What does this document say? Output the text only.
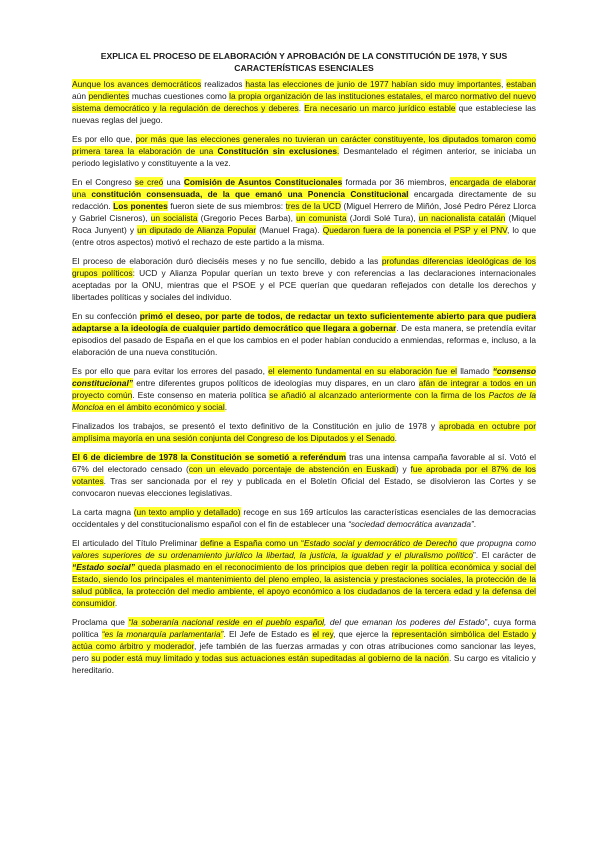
EXPLICA EL PROCESO DE ELABORACIÓN Y APROBACIÓN DE LA CONSTITUCIÓN DE 1978, Y SUS CARACTERÍSTICAS ESENCIALES

Aunque los avances democráticos realizados hasta las elecciones de junio de 1977 habían sido muy importantes, estaban aún pendientes muchas cuestiones como la propia organización de las instituciones estatales, el marco normativo del nuevo sistema democrático y la regulación de derechos y deberes. Era necesario un marco jurídico estable que estableciese las nuevas reglas del juego.

Es por ello que, por más que las elecciones generales no tuvieran un carácter constituyente, los diputados tomaron como primera tarea la elaboración de una Constitución sin exclusiones. Desmantelado el régimen anterior, se iniciaba un periodo legislativo y constituyente a la vez.

En el Congreso se creó una Comisión de Asuntos Constitucionales formada por 36 miembros, encargada de elaborar una constitución consensuada, de la que emanó una Ponencia Constitucional encargada directamente de su redacción. Los ponentes fueron siete de sus miembros: tres de la UCD (Miguel Herrero de Miñón, José Pedro Pérez Llorca y Gabriel Cisneros), un socialista (Gregorio Peces Barba), un comunista (Jordi Solé Tura), un nacionalista catalán (Miquel Roca Junyent) y un diputado de Alianza Popular (Manuel Fraga). Quedaron fuera de la ponencia el PSP y el PNV, lo que (entre otros aspectos) motivó el rechazo de este partido a la misma.

El proceso de elaboración duró dieciséis meses y no fue sencillo, debido a las profundas diferencias ideológicas de los grupos políticos: UCD y Alianza Popular querían un texto breve y con referencias a las declaraciones internacionales aceptadas por la ONU, mientras que el PSOE y el PCE querían que quedaran reflejados con detalle los derechos y libertades políticas y sociales del individuo.

En su confección primó el deseo, por parte de todos, de redactar un texto suficientemente abierto para que pudiera adaptarse a la ideología de cualquier partido democrático que llegara a gobernar. De esta manera, se pretendía evitar episodios del pasado de España en el que los cambios en el poder habían conducido a enmiendas, reformas e, incluso, a la elaboración de una nueva constitución.

Es por ello que para evitar los errores del pasado, el elemento fundamental en su elaboración fue el llamado “consenso constitucional” entre diferentes grupos políticos de ideologías muy dispares, en un claro afán de integrar a todos en un proyecto común. Este consenso en materia política se añadió al alcanzado anteriormente con la firma de los Pactos de la Moncloa en el ámbito económico y social.

Finalizados los trabajos, se presentó el texto definitivo de la Constitución en julio de 1978 y aprobada en octubre por amplísima mayoría en una sesión conjunta del Congreso de los Diputados y el Senado.

El 6 de diciembre de 1978 la Constitución se sometió a referéndum tras una intensa campaña favorable al sí. Votó el 67% del electorado censado (con un elevado porcentaje de abstención en Euskadi) y fue aprobada por el 87% de los votantes. Tras ser sancionada por el rey y publicada en el Boletín Oficial del Estado, se disolvieron las Cortes y se convocaron nuevas elecciones legislativas.

La carta magna (un texto amplio y detallado) recoge en sus 169 artículos las características esenciales de las democracias occidentales y del constitucionalismo español con el fin de establecer una “sociedad democrática avanzada”.

El articulado del Título Preliminar define a España como un “Estado social y democrático de Derecho que propugna como valores superiores de su ordenamiento jurídico la libertad, la justicia, la igualdad y el pluralismo político”. El carácter de “Estado social” queda plasmado en el reconocimiento de los principios que deben regir la política económica y social del Estado, siendo los principales el mantenimiento del pleno empleo, la asistencia y prestaciones sociales, la protección de la salud pública, la protección del medio ambiente, el apoyo económico a los ciudadanos de la tercera edad y la defensa del consumidor.

Proclama que “la soberanía nacional reside en el pueblo español, del que emanan los poderes del Estado”, cuya forma política “es la monarquía parlamentaria”. El Jefe de Estado es el rey, que ejerce la representación simbólica del Estado y actúa como árbitro y moderador, jefe también de las fuerzas armadas y con otras atribuciones como sancionar las leyes, pero su poder está muy limitado y todas sus actuaciones están supeditadas al gobierno de la nación. Su cargo es vitalicio y hereditario.
